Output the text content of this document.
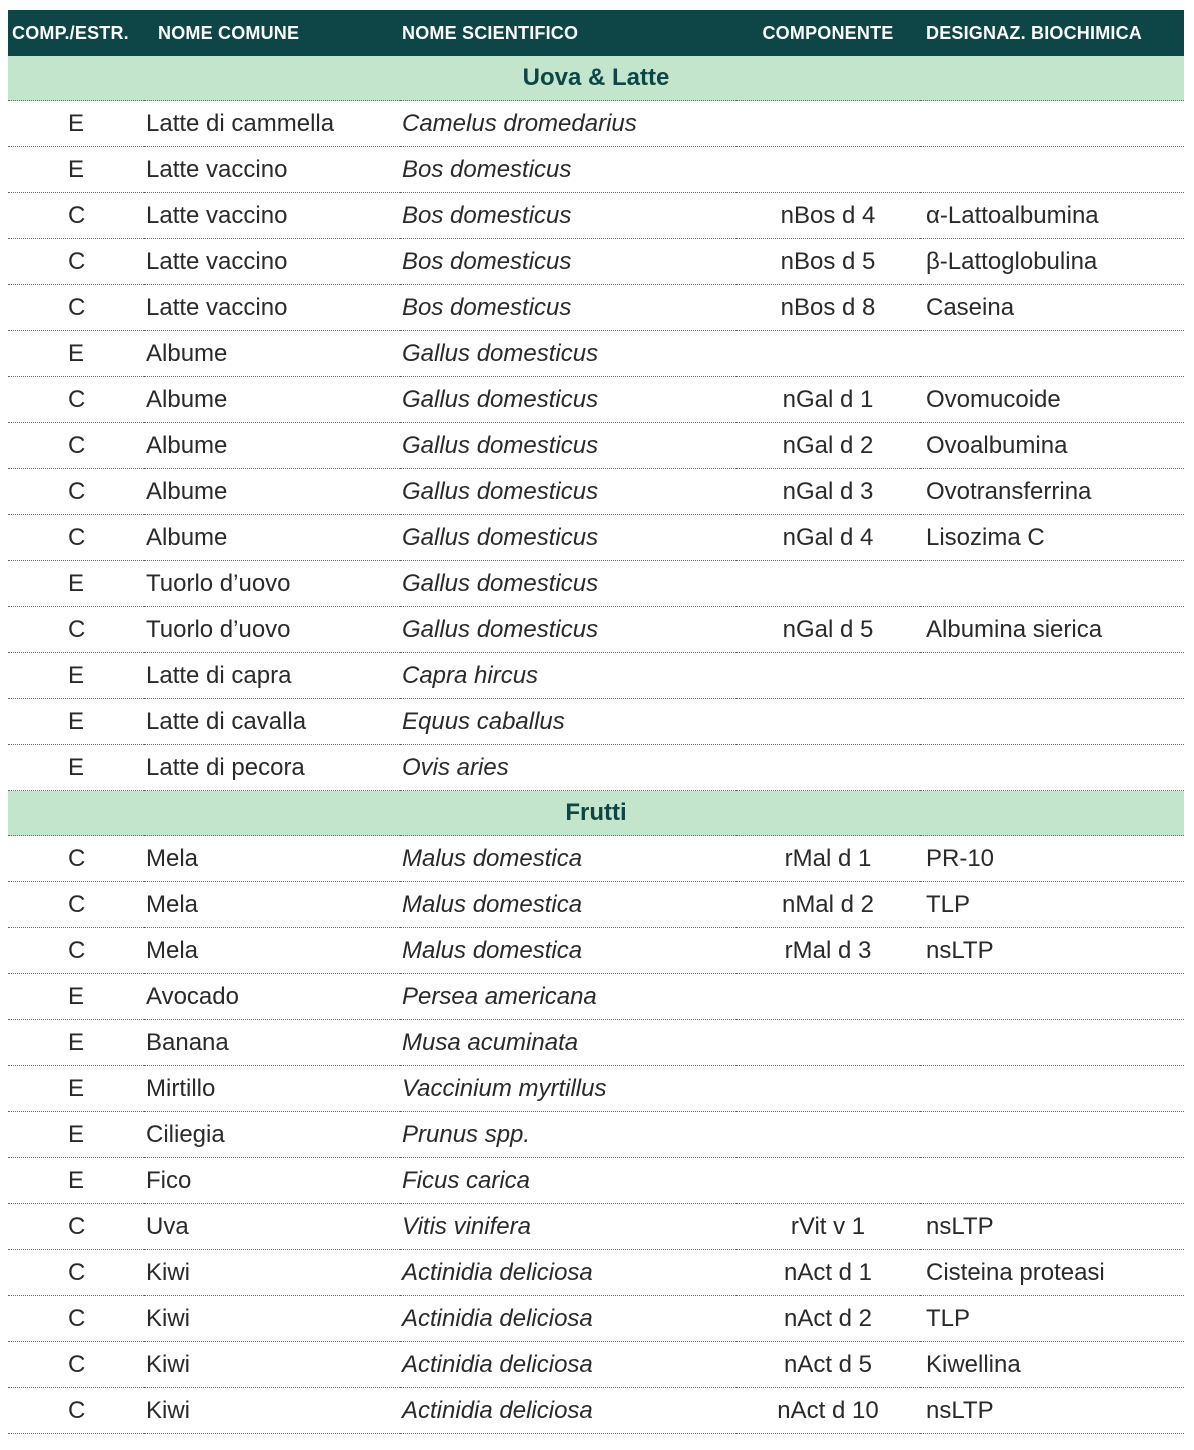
COMP./ESTR.	NOME COMUNE	NOME SCIENTIFICO	COMPONENTE	DESIGNAZ. BIOCHIMICA
Uova & Latte				
E	Latte di cammella	Camelus dromedarius		
E	Latte vaccino	Bos domesticus		
C	Latte vaccino	Bos domesticus	nBos d 4	α-Lattoalbumina
C	Latte vaccino	Bos domesticus	nBos d 5	β-Lattoglobulina
C	Latte vaccino	Bos domesticus	nBos d 8	Caseina
E	Albume	Gallus domesticus		
C	Albume	Gallus domesticus	nGal d 1	Ovomucoide
C	Albume	Gallus domesticus	nGal d 2	Ovoalbumina
C	Albume	Gallus domesticus	nGal d 3	Ovotransferrina
C	Albume	Gallus domesticus	nGal d 4	Lisozima C
E	Tuorlo d’uovo	Gallus domesticus		
C	Tuorlo d’uovo	Gallus domesticus	nGal d 5	Albumina sierica
E	Latte di capra	Capra hircus		
E	Latte di cavalla	Equus caballus		
E	Latte di pecora	Ovis aries		
Frutti				
C	Mela	Malus domestica	rMal d 1	PR-10
C	Mela	Malus domestica	nMal d 2	TLP
C	Mela	Malus domestica	rMal d 3	nsLTP
E	Avocado	Persea americana		
E	Banana	Musa acuminata		
E	Mirtillo	Vaccinium myrtillus		
E	Ciliegia	Prunus spp.		
E	Fico	Ficus carica		
C	Uva	Vitis vinifera	rVit v 1	nsLTP
C	Kiwi	Actinidia deliciosa	nAct d 1	Cisteina proteasi
C	Kiwi	Actinidia deliciosa	nAct d 2	TLP
C	Kiwi	Actinidia deliciosa	nAct d 5	Kiwellina
C	Kiwi	Actinidia deliciosa	nAct d 10	nsLTP
